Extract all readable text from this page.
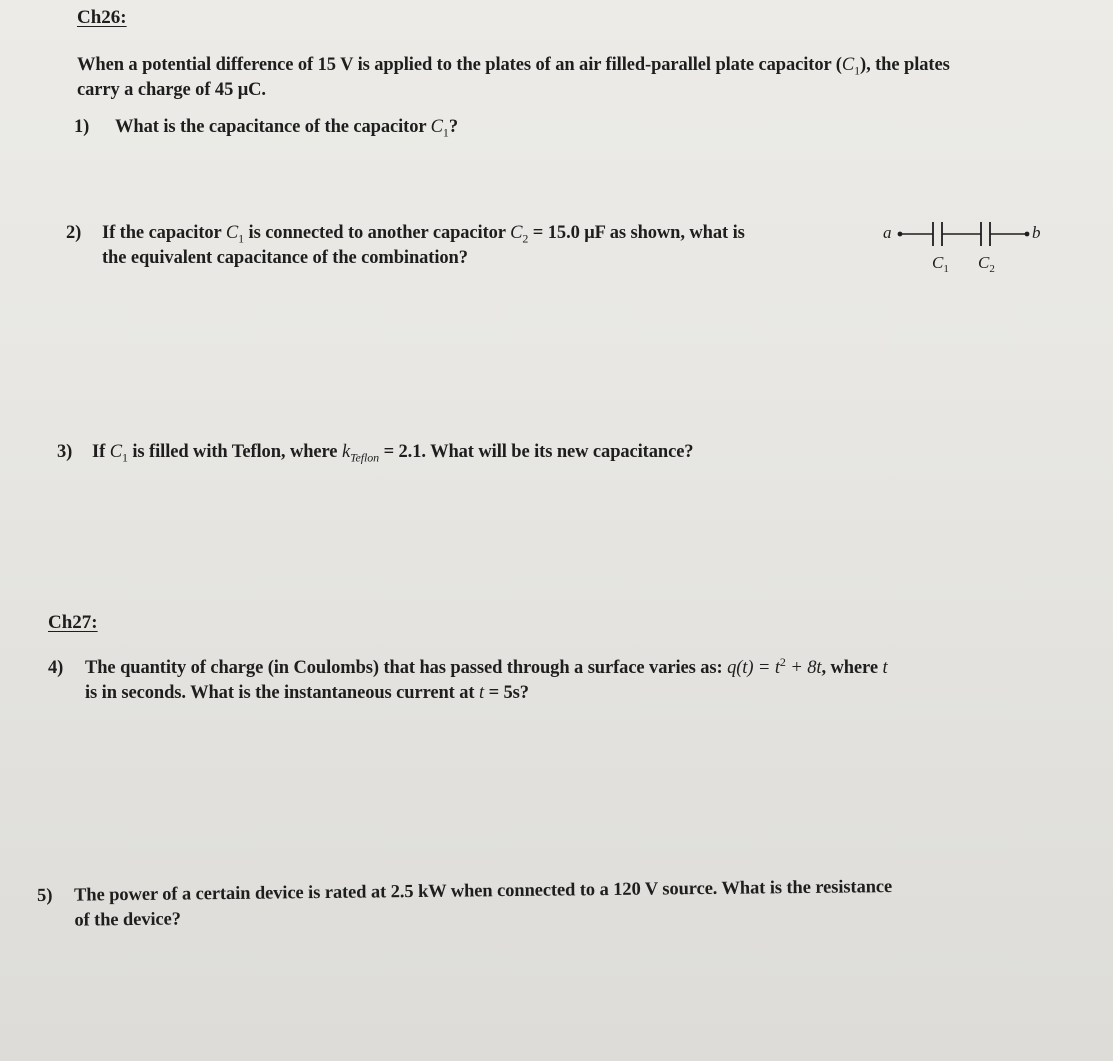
Ch26:
When a potential difference of 15 V is applied to the plates of an air filled-parallel plate capacitor $(C_1)$, the plates
carry a charge of 45 μC.
1) What is the capacitance of the capacitor $C_1$?
2) If the capacitor $C_1$ is connected to another capacitor $C_2 = 15.0$ μF as shown, what is
the equivalent capacitance of the combination?
a	b
$C_1$ $C_2$
3) If $C_1$ is filled with Teflon, where $k_{Teflon} = 2.1$. What will be its new capacitance?
Ch27:
4) The quantity of charge (in Coulombs) that has passed through a surface varies as: $q(t) = t^2 + 8t$, where t
is in seconds. What is the instantaneous current at t = 5s?
5) The power of a certain device is rated at 2.5 kW when connected to a 120 V source. What is the resistance
of the device?
